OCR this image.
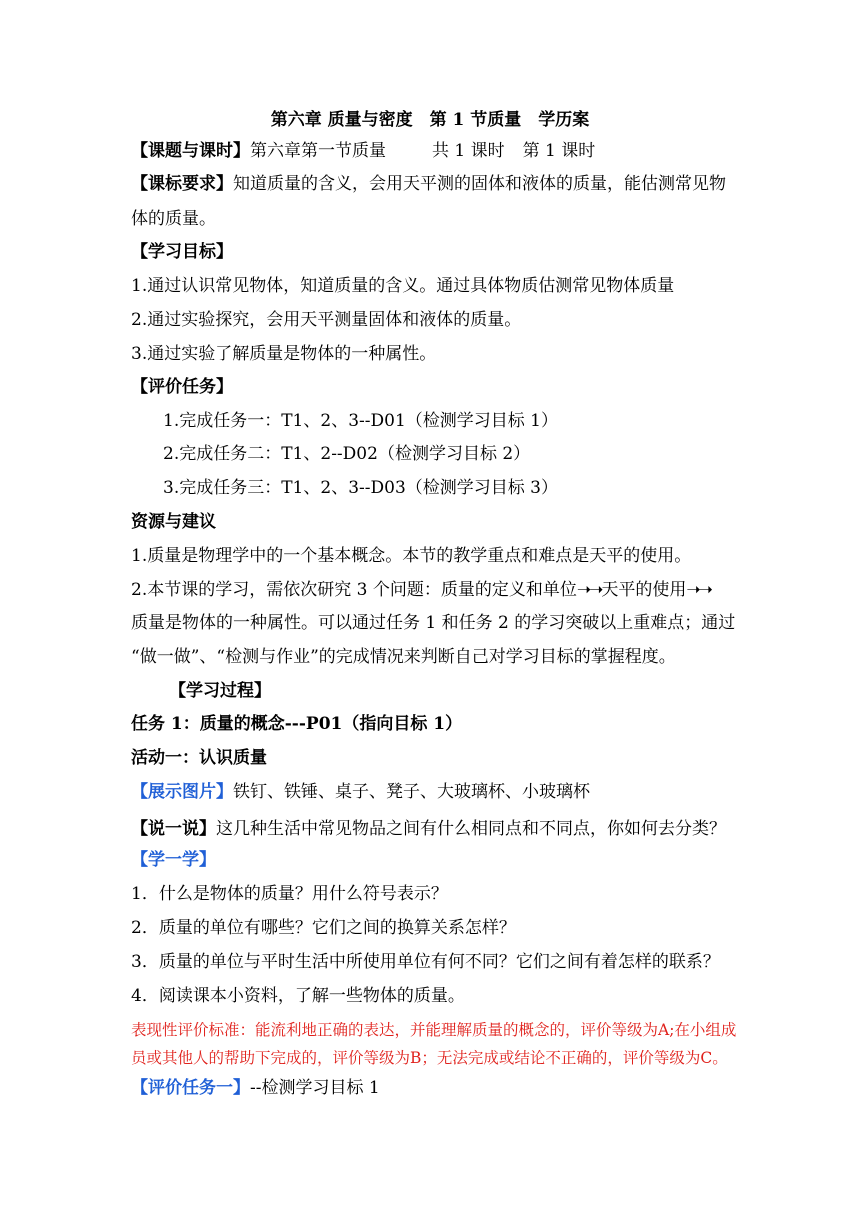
第六章 质量与密度　第 1 节质量　学历案
【课题与课时】第六章第一节质量	共 1 课时 第 1 课时
【课标要求】知道质量的含义，会用天平测的固体和液体的质量，能估测常见物
体的质量。
【学习目标】
1.通过认识常见物体，知道质量的含义。通过具体物质估测常见物体质量
2.通过实验探究，会用天平测量固体和液体的质量。
3.通过实验了解质量是物体的一种属性。
【评价任务】
1.完成任务一：T1、2、3--D01（检测学习目标 1）
2.完成任务二：T1、2--D02（检测学习目标 2）
3.完成任务三：T1、2、3--D03（检测学习目标 3）
资源与建议
1.质量是物理学中的一个基本概念。本节的教学重点和难点是天平的使用。
2.本节课的学习，需依次研究 3 个问题：质量的定义和单位➝➝天平的使用➝➝
质量是物体的一种属性。可以通过任务 1 和任务 2 的学习突破以上重难点；通过
“做一做”、“检测与作业”的完成情况来判断自己对学习目标的掌握程度。
【学习过程】
任务 1：质量的概念---P01（指向目标 1）
活动一：认识质量
【展示图片】铁钉、铁锤、桌子、凳子、大玻璃杯、小玻璃杯
【说一说】这几种生活中常见物品之间有什么相同点和不同点，你如何去分类？
【学一学】
1．什么是物体的质量？用什么符号表示？
2．质量的单位有哪些？它们之间的换算关系怎样？
3．质量的单位与平时生活中所使用单位有何不同？它们之间有着怎样的联系？
4．阅读课本小资料，了解一些物体的质量。
表现性评价标准：能流利地正确的表达，并能理解质量的概念的，评价等级为A;在小组成
员或其他人的帮助下完成的，评价等级为B；无法完成或结论不正确的，评价等级为C。
【评价任务一】--检测学习目标 1
